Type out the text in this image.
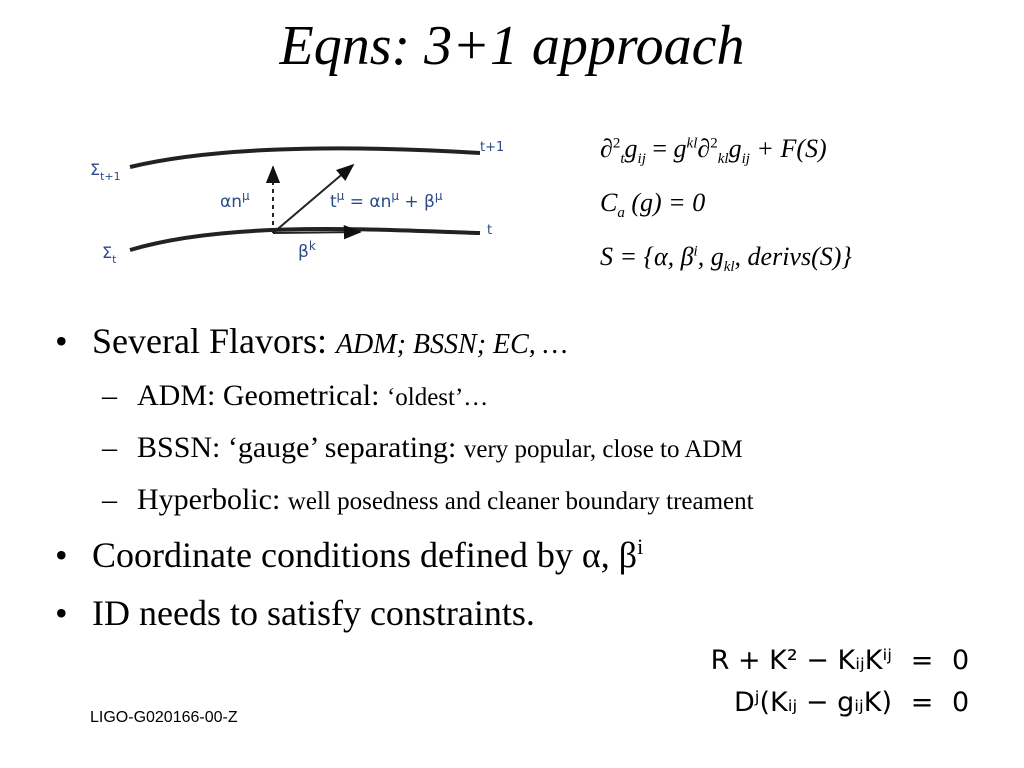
Eqns: 3+1 approach
$\Sigma_{t+1}$
$\Sigma_t$
t+1
t
$\alpha n^\mu$	$t^\mu = \alpha n^\mu + \beta^\mu$
$\beta^k$
$\partial^2_tg_{ij} = g^{kl}\partial^2_{kl}g_{ij} + F(S)$
$C_a$ (g) = 0
S = {α, $\beta^i$, $g_{kl}$, derivs(S)}
• Several Flavors: ADM; BSSN; EC, …
– ADM: Geometrical: ‘oldest’…
– BSSN: ‘gauge’ separating: very popular, close to ADM
– Hyperbolic: well posedness and cleaner boundary treament
• Coordinate conditions defined by α, $\beta^i$
• ID needs to satisfy constraints.
R + K² − KᵢⱼKⁱʲ = 0
Dʲ(Kᵢⱼ − gᵢⱼK) = 0
LIGO-G020166-00-Z
